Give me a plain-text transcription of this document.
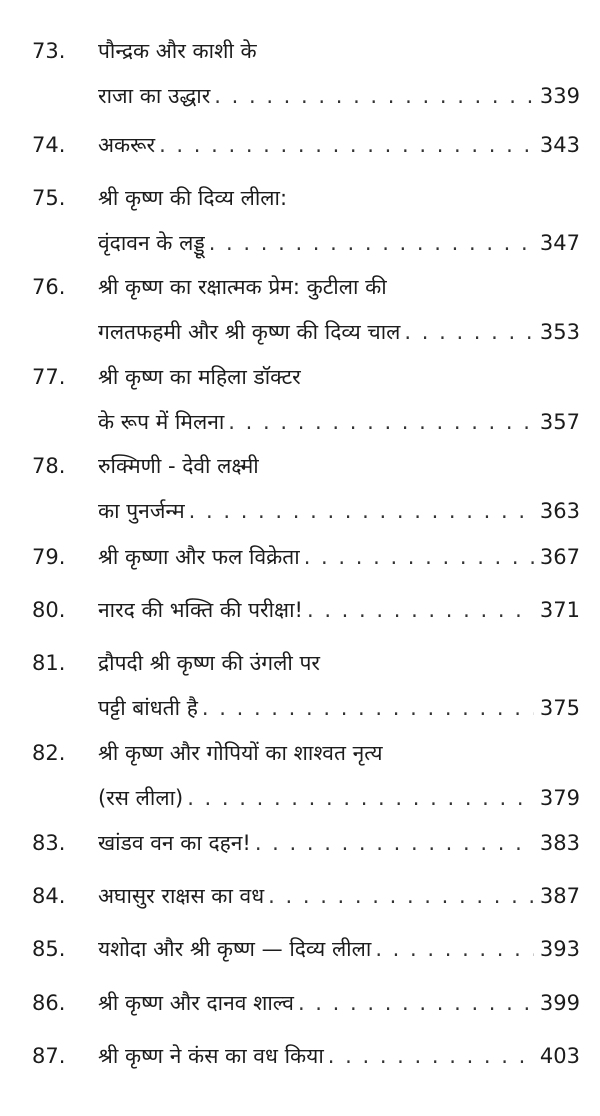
73. पौन्द्रक और काशी के
राजा का उद्धार . . .	339
74. अकरूर . . .	343
75. श्री कृष्ण की दिव्य लीला:
वृंदावन के लड्डू . . .	347
76. श्री कृष्ण का रक्षात्मक प्रेम: कुटीला की
गलतफहमी और श्री कृष्ण की दिव्य चाल . . .	353
77. श्री कृष्ण का महिला डॉक्टर
के रूप में मिलना . . .	357
78. रुक्मिणी - देवी लक्ष्मी
का पुनर्जन्म . . .	363
79. श्री कृष्णा और फल विक्रेता . . .	367
80. नारद की भक्ति की परीक्षा! . . .	371
81. द्रौपदी श्री कृष्ण की उंगली पर
पट्टी बांधती है . . .	375
82. श्री कृष्ण और गोपियों का शाश्वत नृत्य
(रस लीला) . . .	379
83. खांडव वन का दहन! . . .	383
84. अघासुर राक्षस का वध . . .	387
85. यशोदा और श्री कृष्ण — दिव्य लीला . . .	393
86. श्री कृष्ण और दानव शाल्व . . .	399
87. श्री कृष्ण ने कंस का वध किया . . .	403
